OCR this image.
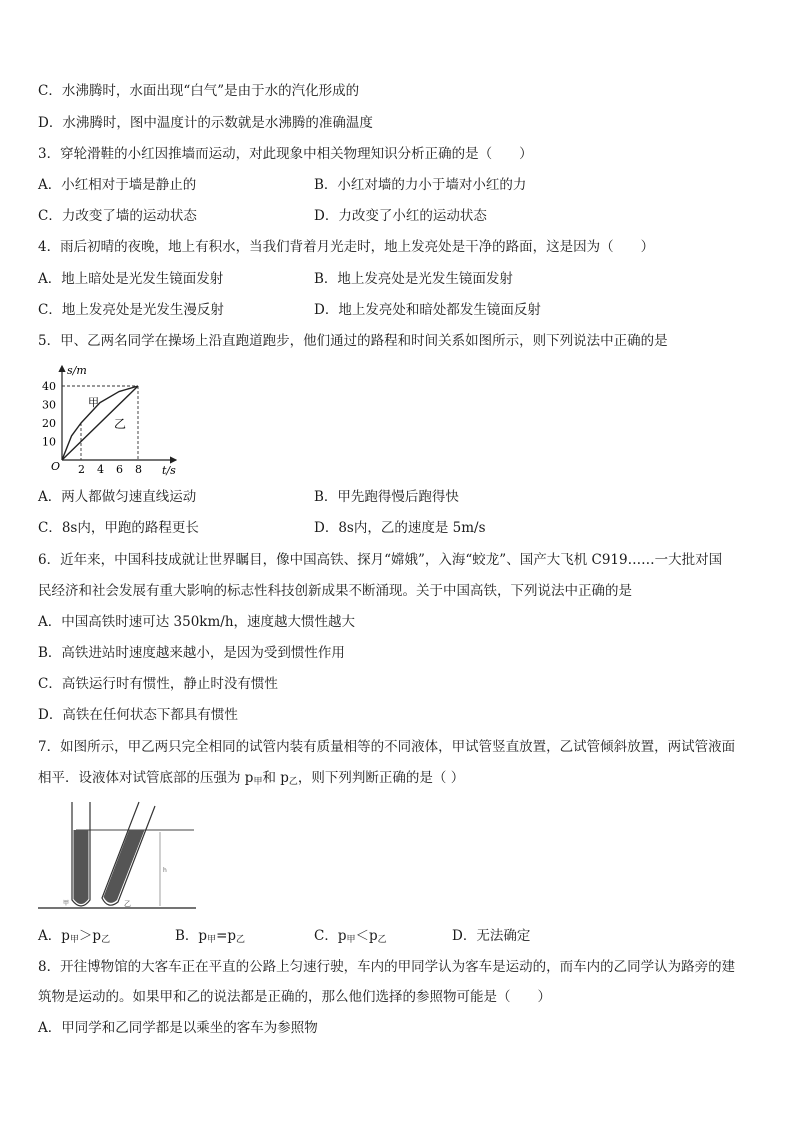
C．水沸腾时，水面出现“白气”是由于水的汽化形成的
D．水沸腾时，图中温度计的示数就是水沸腾的准确温度
3．穿轮滑鞋的小红因推墙而运动，对此现象中相关物理知识分析正确的是（　　）
A．小红相对于墙是静止的	B．小红对墙的力小于墙对小红的力
C．力改变了墙的运动状态	D．力改变了小红的运动状态
4．雨后初晴的夜晚，地上有积水，当我们背着月光走时，地上发亮处是干净的路面，这是因为（　　）
A．地上暗处是光发生镜面发射	B．地上发亮处是光发生镜面发射
C．地上发亮处是光发生漫反射	D．地上发亮处和暗处都发生镜面反射
5．甲、乙两名同学在操场上沿直跑道跑步，他们通过的路程和时间关系如图所示，则下列说法中正确的是
s/m
t/s
O
40
30
20
10
2 4 6 8
甲
乙
A．两人都做匀速直线运动	B．甲先跑得慢后跑得快
C．8s内，甲跑的路程更长	D．8s内，乙的速度是 5m/s
6．近年来，中国科技成就让世界瞩目，像中国高铁、探月“嫦娥”，入海“蛟龙”、国产大飞机 C919……一大批对国
民经济和社会发展有重大影响的标志性科技创新成果不断涌现。关于中国高铁，下列说法中正确的是
A．中国高铁时速可达 350km/h，速度越大惯性越大
B．高铁进站时速度越来越小，是因为受到惯性作用
C．高铁运行时有惯性，静止时没有惯性
D．高铁在任何状态下都具有惯性
7．如图所示，甲乙两只完全相同的试管内装有质量相等的不同液体，甲试管竖直放置，乙试管倾斜放置，两试管液面
相平．设液体对试管底部的压强为 $p_甲$和 $p_乙$，则下列判断正确的是（ ）
h
甲	乙
A．$p_甲>p_乙$	B．$p_甲=p_乙$	C．$p_甲<p_乙$	D．无法确定
8．开往博物馆的大客车正在平直的公路上匀速行驶，车内的甲同学认为客车是运动的，而车内的乙同学认为路旁的建
筑物是运动的。如果甲和乙的说法都是正确的，那么他们选择的参照物可能是（　　）
A．甲同学和乙同学都是以乘坐的客车为参照物
